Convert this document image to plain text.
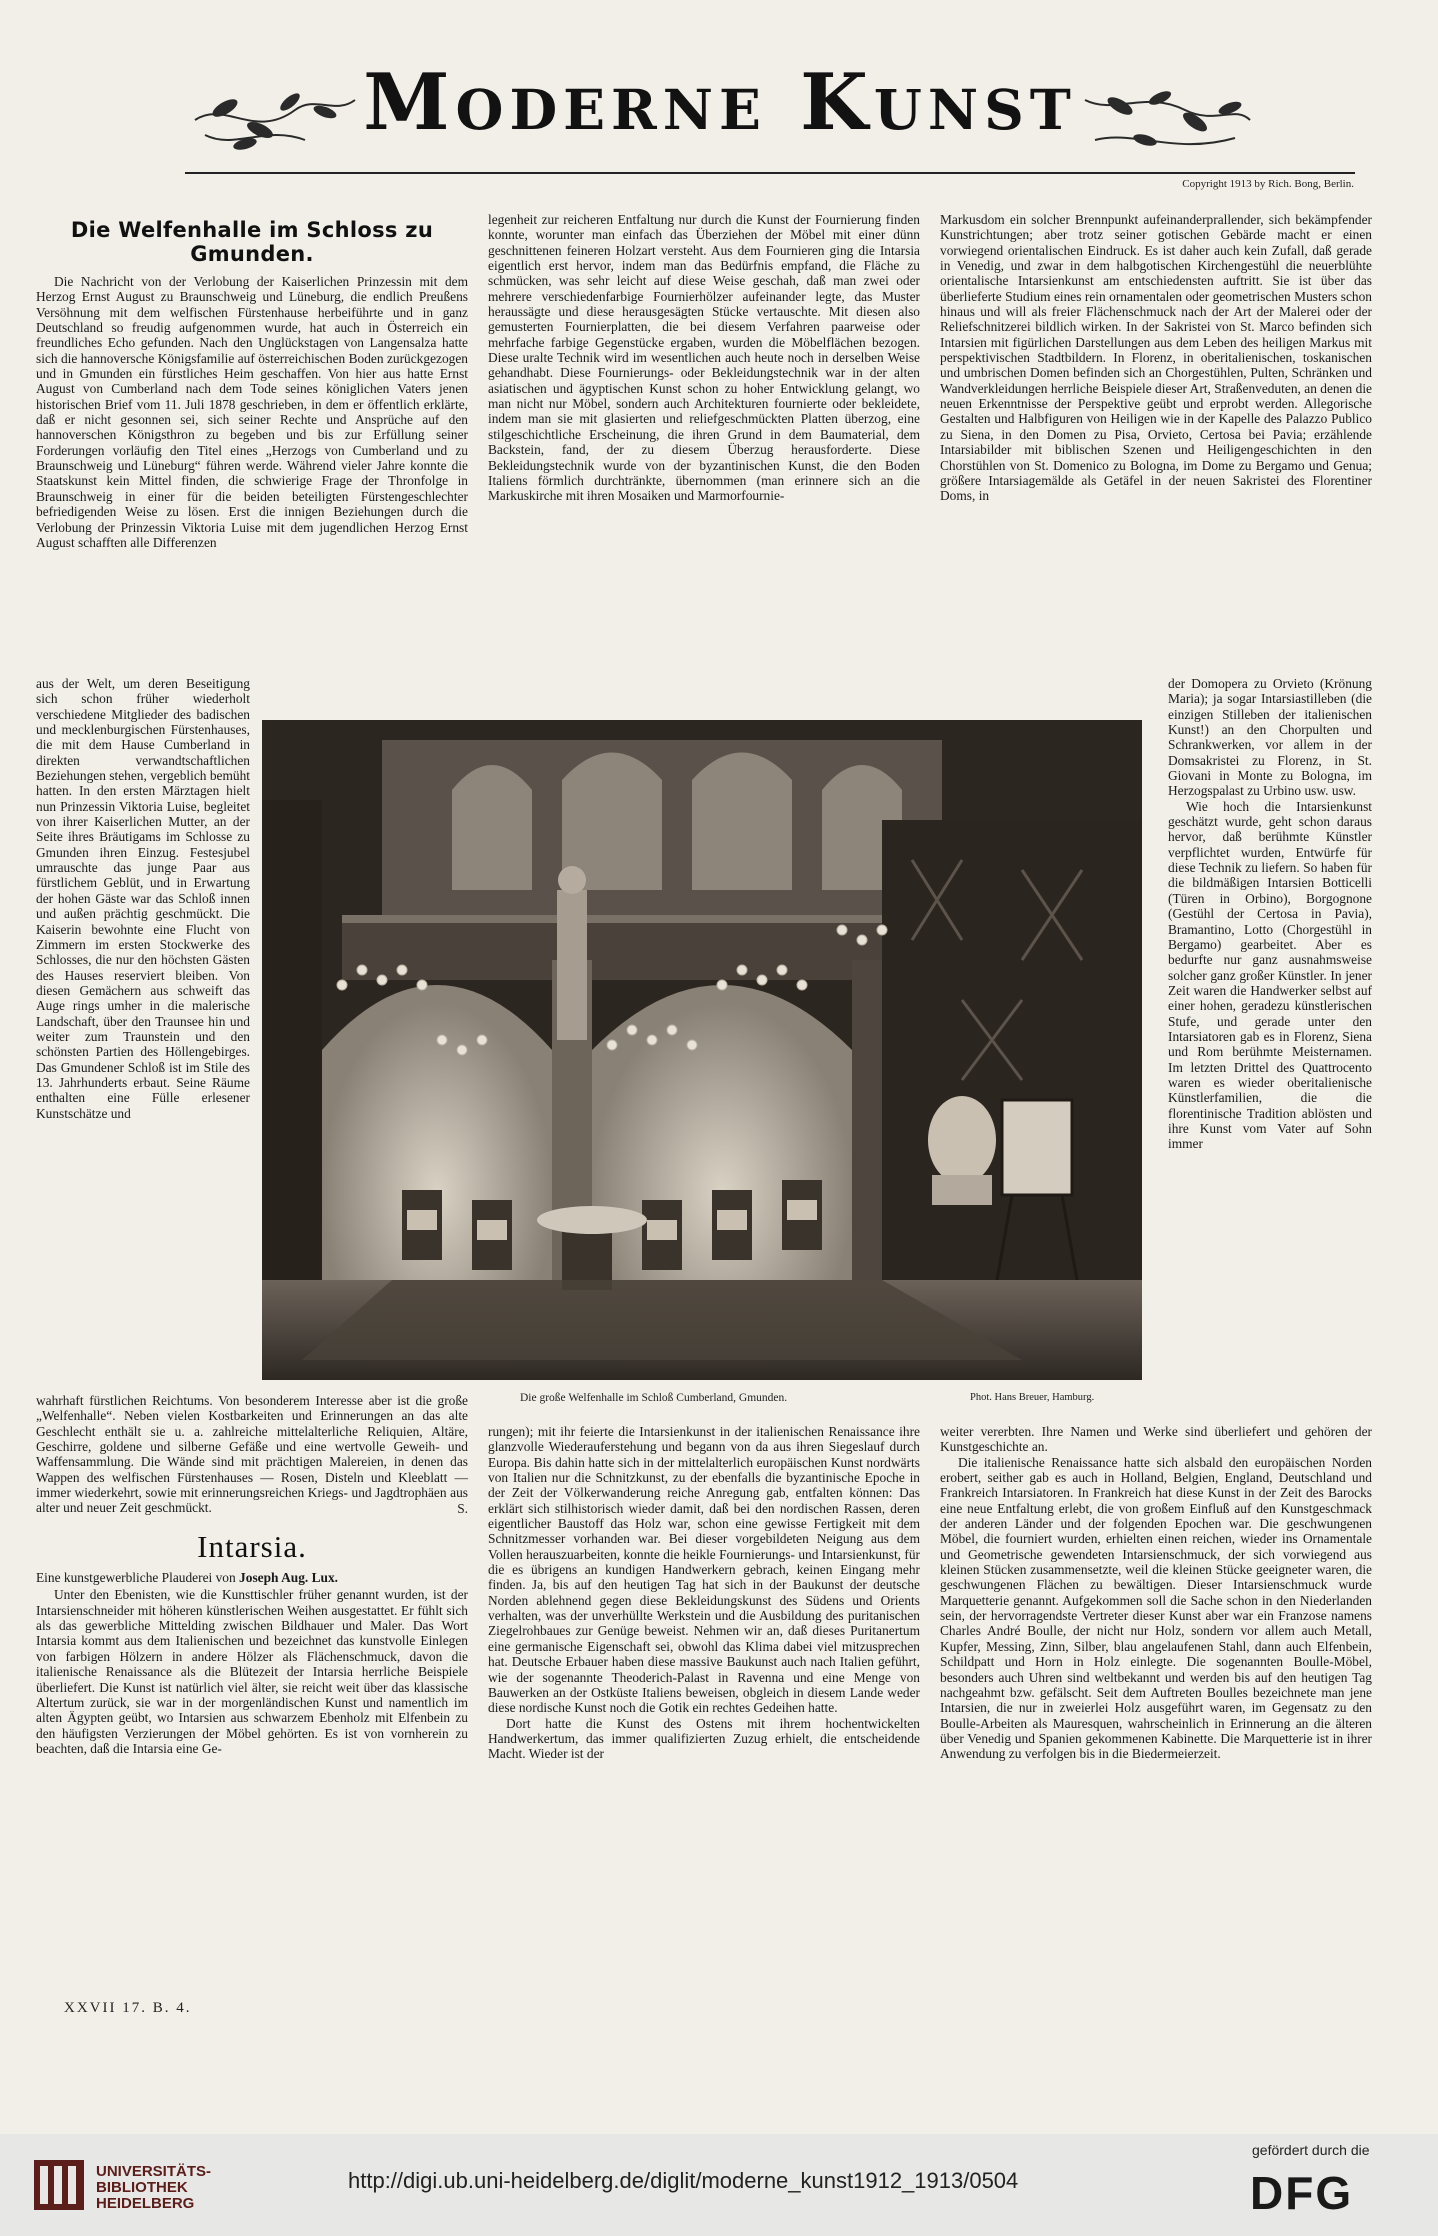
Moderne Kunst
Copyright 1913 by Rich. Bong, Berlin.
Die Welfenhalle im Schloss zu Gmunden.

Die Nachricht von der Verlobung der Kaiserlichen Prinzessin mit dem Herzog Ernst August zu Braunschweig und Lüneburg, die endlich Preußens Versöhnung mit dem welfischen Fürstenhause herbeiführte und in ganz Deutschland so freudig aufgenommen wurde, hat auch in Österreich ein freundliches Echo gefunden. Nach den Unglückstagen von Langensalza hatte sich die hannoversche Königsfamilie auf österreichischen Boden zurückgezogen und in Gmunden ein fürstliches Heim geschaffen. Von hier aus hatte Ernst August von Cumberland nach dem Tode seines königlichen Vaters jenen historischen Brief vom 11. Juli 1878 geschrieben, in dem er öffentlich erklärte, daß er nicht gesonnen sei, sich seiner Rechte und Ansprüche auf den hannoverschen Königsthron zu begeben und bis zur Erfüllung seiner Forderungen vorläufig den Titel eines „Herzogs von Cumberland und zu Braunschweig und Lüneburg“ führen werde. Während vieler Jahre konnte die Staatskunst kein Mittel finden, die schwierige Frage der Thronfolge in Braunschweig in einer für die beiden beteiligten Fürstengeschlechter befriedigenden Weise zu lösen. Erst die innigen Beziehungen durch die Verlobung der Prinzessin Viktoria Luise mit dem jugendlichen Herzog Ernst August schafften alle Differenzen

aus der Welt, um deren Beseitigung sich schon früher wiederholt verschiedene Mitglieder des badischen und mecklenburgischen Fürstenhauses, die mit dem Hause Cumberland in direkten verwandtschaftlichen Beziehungen stehen, vergeblich bemüht hatten. In den ersten Märztagen hielt nun Prinzessin Viktoria Luise, begleitet von ihrer Kaiserlichen Mutter, an der Seite ihres Bräutigams im Schlosse zu Gmunden ihren Einzug. Festesjubel umrauschte das junge Paar aus fürstlichem Geblüt, und in Erwartung der hohen Gäste war das Schloß innen und außen prächtig geschmückt. Die Kaiserin bewohnte eine Flucht von Zimmern im ersten Stockwerke des Schlosses, die nur den höchsten Gästen des Hauses reserviert bleiben. Von diesen Gemächern aus schweift das Auge rings umher in die malerische Landschaft, über den Traunsee hin und weiter zum Traunstein und den schönsten Partien des Höllengebirges. Das Gmundener Schloß ist im Stile des 13. Jahrhunderts erbaut. Seine Räume enthalten eine Fülle erlesener Kunstschätze und

legenheit zur reicheren Entfaltung nur durch die Kunst der Fournierung finden konnte, worunter man einfach das Überziehen der Möbel mit einer dünn geschnittenen feineren Holzart versteht. Aus dem Fournieren ging die Intarsia eigentlich erst hervor, indem man das Bedürfnis empfand, die Fläche zu schmücken, was sehr leicht auf diese Weise geschah, daß man zwei oder mehrere verschiedenfarbige Fournierhölzer aufeinander legte, das Muster heraussägte und diese herausgesägten Stücke vertauschte. Mit diesen also gemusterten Fournierplatten, die bei diesem Verfahren paarweise oder mehrfache farbige Gegenstücke ergaben, wurden die Möbelflächen bezogen. Diese uralte Technik wird im wesentlichen auch heute noch in derselben Weise gehandhabt. Diese Fournierungs- oder Bekleidungstechnik war in der alten asiatischen und ägyptischen Kunst schon zu hoher Entwicklung gelangt, wo man nicht nur Möbel, sondern auch Architekturen fournierte oder bekleidete, indem man sie mit glasierten und reliefgeschmückten Platten überzog, eine stilgeschichtliche Erscheinung, die ihren Grund in dem Baumaterial, dem Backstein, fand, der zu diesem Überzug herausforderte. Diese Bekleidungstechnik wurde von der byzantinischen Kunst, die den Boden Italiens förmlich durchtränkte, übernommen (man erinnere sich an die Markuskirche mit ihren Mosaiken und Marmorfournie-

Markusdom ein solcher Brennpunkt aufeinanderprallender, sich bekämpfender Kunstrichtungen; aber trotz seiner gotischen Gebärde macht er einen vorwiegend orientalischen Eindruck. Es ist daher auch kein Zufall, daß gerade in Venedig, und zwar in dem halbgotischen Kirchengestühl die neuerblühte orientalische Intarsienkunst am entschiedensten auftritt. Sie ist über das überlieferte Studium eines rein ornamentalen oder geometrischen Musters schon hinaus und will als freier Flächenschmuck nach der Art der Malerei oder der Reliefschnitzerei bildlich wirken. In der Sakristei von St. Marco befinden sich Intarsien mit figürlichen Darstellungen aus dem Leben des heiligen Markus mit perspektivischen Stadtbildern. In Florenz, in oberitalienischen, toskanischen und umbrischen Domen befinden sich an Chorgestühlen, Pulten, Schränken und Wandverkleidungen herrliche Beispiele dieser Art, Straßenveduten, an denen die neuen Erkenntnisse der Perspektive geübt und erprobt werden. Allegorische Gestalten und Halbfiguren von Heiligen wie in der Kapelle des Palazzo Publico zu Siena, in den Domen zu Pisa, Orvieto, Certosa bei Pavia; erzählende Intarsiabilder mit biblischen Szenen und Heiligengeschichten in den Chorstühlen von St. Domenico zu Bologna, im Dome zu Bergamo und Genua; größere Intarsiagemälde als Getäfel in der neuen Sakristei des Florentiner Doms, in

der Domopera zu Orvieto (Krönung Maria); ja sogar Intarsiastilleben (die einzigen Stilleben der italienischen Kunst!) an den Chorpulten und Schrankwerken, vor allem in der Domsakristei zu Florenz, in St. Giovani in Monte zu Bologna, im Herzogspalast zu Urbino usw. usw.

Wie hoch die Intarsienkunst geschätzt wurde, geht schon daraus hervor, daß berühmte Künstler verpflichtet wurden, Entwürfe für diese Technik zu liefern. So haben für die bildmäßigen Intarsien Botticelli (Türen in Orbino), Borgognone (Gestühl der Certosa in Pavia), Bramantino, Lotto (Chorgestühl in Bergamo) gearbeitet. Aber es bedurfte nur ganz ausnahmsweise solcher ganz großer Künstler. In jener Zeit waren die Handwerker selbst auf einer hohen, geradezu künstlerischen Stufe, und gerade unter den Intarsiatoren gab es in Florenz, Siena und Rom berühmte Meisternamen. Im letzten Drittel des Quattrocento waren es wieder oberitalienische Künstlerfamilien, die die florentinische Tradition ablösten und ihre Kunst vom Vater auf Sohn immer

Die große Welfenhalle im Schloß Cumberland, Gmunden.	Phot. Hans Breuer, Hamburg.

wahrhaft fürstlichen Reichtums. Von besonderem Interesse aber ist die große „Welfenhalle“. Neben vielen Kostbarkeiten und Erinnerungen an das alte Geschlecht enthält sie u. a. zahlreiche mittelalterliche Reliquien, Altäre, Geschirre, goldene und silberne Gefäße und eine wertvolle Geweih- und Waffensammlung. Die Wände sind mit prächtigen Malereien, in denen das Wappen des welfischen Fürstenhauses — Rosen, Disteln und Kleeblatt — immer wiederkehrt, sowie mit erinnerungsreichen Kriegs- und Jagdtrophäen aus alter und neuer Zeit geschmückt.	S.

Intarsia.

Eine kunstgewerbliche Plauderei von Joseph Aug. Lux.

Unter den Ebenisten, wie die Kunsttischler früher genannt wurden, ist der Intarsienschneider mit höheren künstlerischen Weihen ausgestattet. Er fühlt sich als das gewerbliche Mittelding zwischen Bildhauer und Maler. Das Wort Intarsia kommt aus dem Italienischen und bezeichnet das kunstvolle Einlegen von farbigen Hölzern in andere Hölzer als Flächenschmuck, davon die italienische Renaissance als die Blütezeit der Intarsia herrliche Beispiele überliefert. Die Kunst ist natürlich viel älter, sie reicht weit über das klassische Altertum zurück, sie war in der morgenländischen Kunst und namentlich im alten Ägypten geübt, wo Intarsien aus schwarzem Ebenholz mit Elfenbein zu den häufigsten Verzierungen der Möbel gehörten. Es ist von vornherein zu beachten, daß die Intarsia eine Ge-

rungen); mit ihr feierte die Intarsienkunst in der italienischen Renaissance ihre glanzvolle Wiederauferstehung und begann von da aus ihren Siegeslauf durch Europa. Bis dahin hatte sich in der mittelalterlich europäischen Kunst nordwärts von Italien nur die Schnitzkunst, zu der ebenfalls die byzantinische Epoche in der Zeit der Völkerwanderung reiche Anregung gab, entfalten können: Das erklärt sich stilhistorisch wieder damit, daß bei den nordischen Rassen, deren eigentlicher Baustoff das Holz war, schon eine gewisse Fertigkeit mit dem Schnitzmesser vorhanden war. Bei dieser vorgebildeten Neigung aus dem Vollen herauszuarbeiten, konnte die heikle Fournierungs- und Intarsienkunst, für die es übrigens an kundigen Handwerkern gebrach, keinen Eingang mehr finden. Ja, bis auf den heutigen Tag hat sich in der Baukunst der deutsche Norden ablehnend gegen diese Bekleidungskunst des Südens und Orients verhalten, was der unverhüllte Werkstein und die Ausbildung des puritanischen Ziegelrohbaues zur Genüge beweist. Nehmen wir an, daß dieses Puritanertum eine germanische Eigenschaft sei, obwohl das Klima dabei viel mitzusprechen hat. Deutsche Erbauer haben diese massive Baukunst auch nach Italien geführt, wie der sogenannte Theoderich-Palast in Ravenna und eine Menge von Bauwerken an der Ostküste Italiens beweisen, obgleich in diesem Lande weder diese nordische Kunst noch die Gotik ein rechtes Gedeihen hatte.

Dort hatte die Kunst des Ostens mit ihrem hochentwickelten Handwerkertum, das immer qualifizierten Zuzug erhielt, die entscheidende Macht. Wieder ist der

weiter vererbten. Ihre Namen und Werke sind überliefert und gehören der Kunstgeschichte an.

Die italienische Renaissance hatte sich alsbald den europäischen Norden erobert, seither gab es auch in Holland, Belgien, England, Deutschland und Frankreich Intarsiatoren. In Frankreich hat diese Kunst in der Zeit des Barocks eine neue Entfaltung erlebt, die von großem Einfluß auf den Kunstgeschmack der anderen Länder und der folgenden Epochen war. Die geschwungenen Möbel, die fourniert wurden, erhielten einen reichen, wieder ins Ornamentale und Geometrische gewendeten Intarsienschmuck, der sich vorwiegend aus kleinen Stücken zusammensetzte, weil die kleinen Stücke geeigneter waren, die geschwungenen Flächen zu bewältigen. Dieser Intarsienschmuck wurde Marquetterie genannt. Aufgekommen soll die Sache schon in den Niederlanden sein, der hervorragendste Vertreter dieser Kunst aber war ein Franzose namens Charles André Boulle, der nicht nur Holz, sondern vor allem auch Metall, Kupfer, Messing, Zinn, Silber, blau angelaufenen Stahl, dann auch Elfenbein, Schildpatt und Horn in Holz einlegte. Die sogenannten Boulle-Möbel, besonders auch Uhren sind weltbekannt und werden bis auf den heutigen Tag nachgeahmt bzw. gefälscht. Seit dem Auftreten Boulles bezeichnete man jene Intarsien, die nur in zweierlei Holz ausgeführt waren, im Gegensatz zu den Boulle-Arbeiten als Mauresquen, wahrscheinlich in Erinnerung an die älteren über Venedig und Spanien gekommenen Kabinette. Die Marquetterie ist in ihrer Anwendung zu verfolgen bis in die Biedermeierzeit.

XXVII 17. B. 4.
UNIVERSITÄTS-
BIBLIOTHEK
HEIDELBERG
http://digi.ub.uni-heidelberg.de/diglit/moderne_kunst1912_1913/0504
gefördert durch die
DFG
